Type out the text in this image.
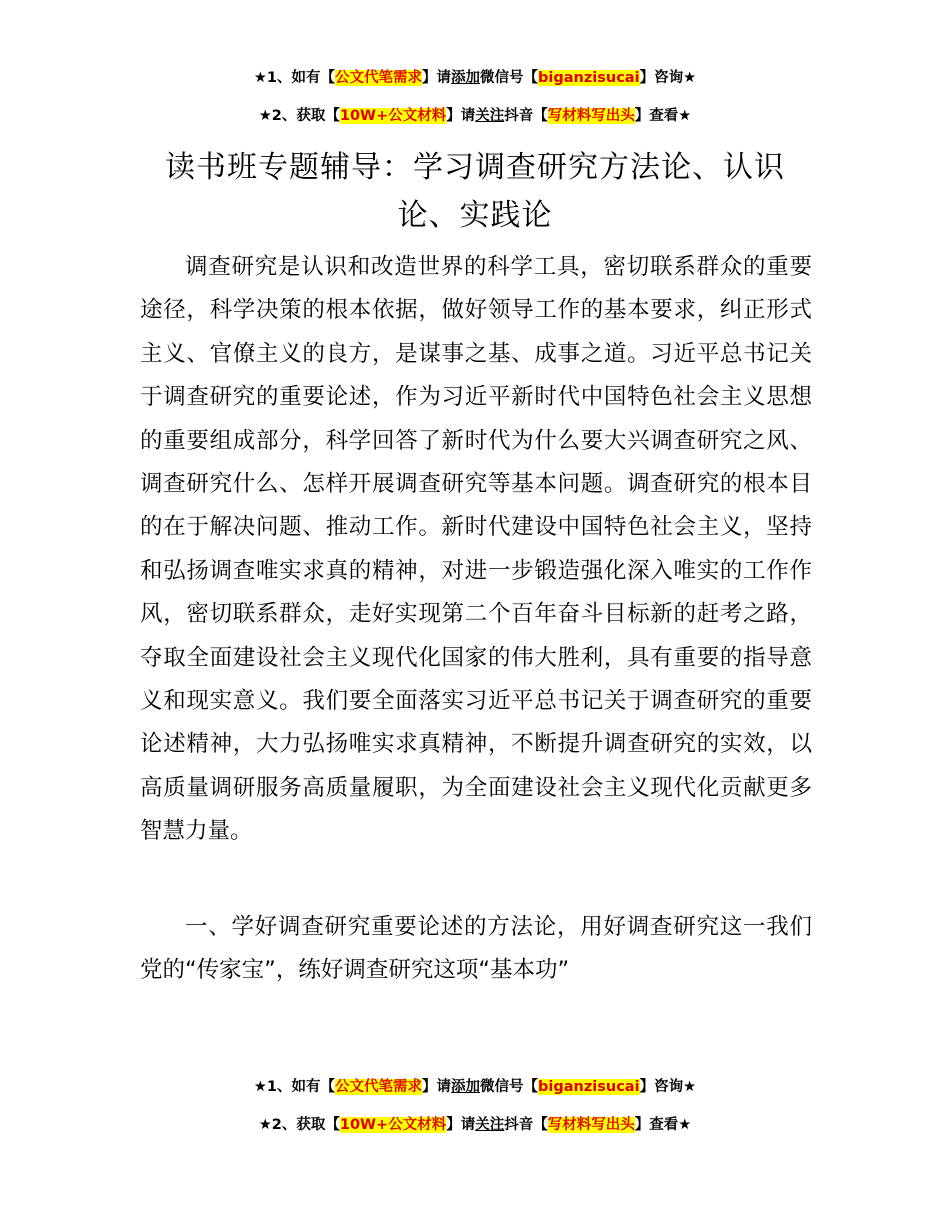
★1、如有【公文代笔需求】请添加微信号【biganzisucai】咨询★
★2、获取【10W+公文材料】请关注抖音【写材料写出头】查看★
读书班专题辅导：学习调查研究方法论、认识论、实践论
调查研究是认识和改造世界的科学工具，密切联系群众的重要途径，科学决策的根本依据，做好领导工作的基本要求，纠正形式主义、官僚主义的良方，是谋事之基、成事之道。习近平总书记关于调查研究的重要论述，作为习近平新时代中国特色社会主义思想的重要组成部分，科学回答了新时代为什么要大兴调查研究之风、调查研究什么、怎样开展调查研究等基本问题。调查研究的根本目的在于解决问题、推动工作。新时代建设中国特色社会主义，坚持和弘扬调查唯实求真的精神，对进一步锻造强化深入唯实的工作作风，密切联系群众，走好实现第二个百年奋斗目标新的赶考之路，夺取全面建设社会主义现代化国家的伟大胜利，具有重要的指导意义和现实意义。我们要全面落实习近平总书记关于调查研究的重要论述精神，大力弘扬唯实求真精神，不断提升调查研究的实效，以高质量调研服务高质量履职，为全面建设社会主义现代化贡献更多智慧力量。
一、学好调查研究重要论述的方法论，用好调查研究这一我们党的“传家宝”，练好调查研究这项“基本功”
★1、如有【公文代笔需求】请添加微信号【biganzisucai】咨询★
★2、获取【10W+公文材料】请关注抖音【写材料写出头】查看★
